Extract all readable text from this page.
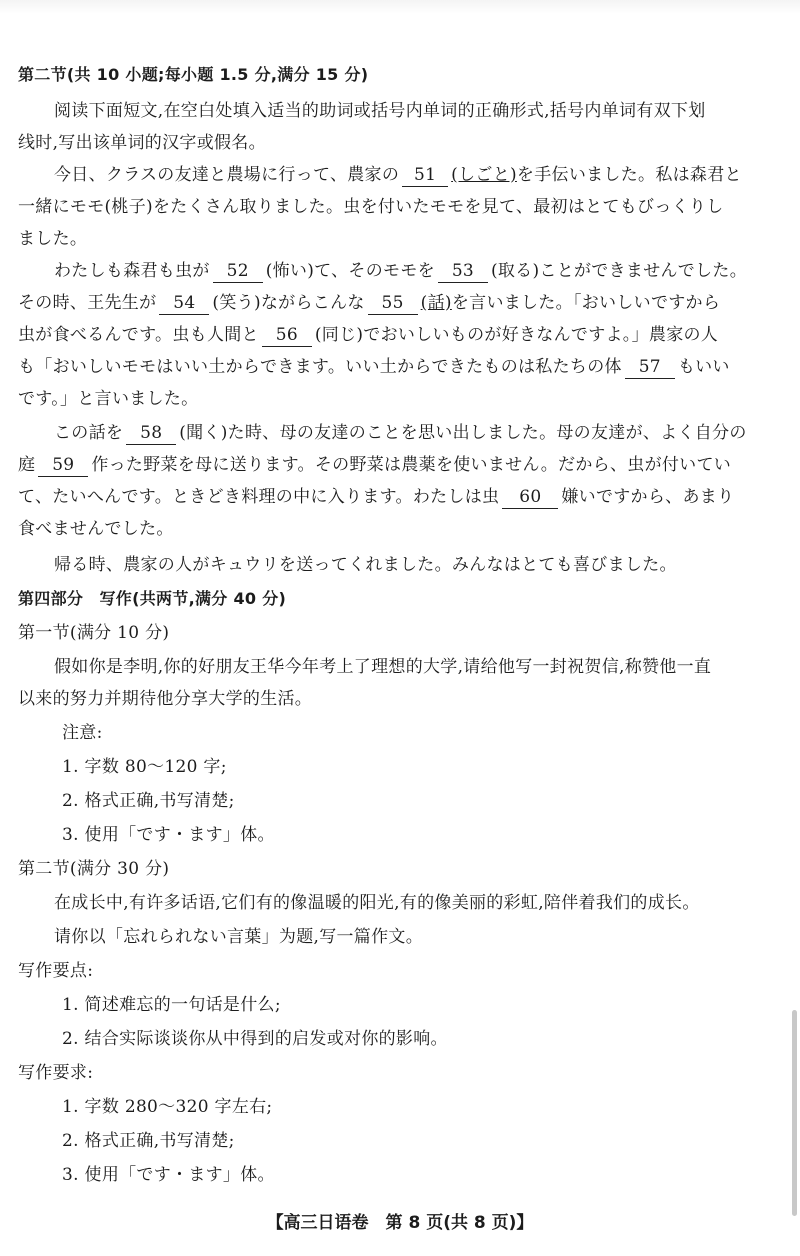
第二节(共 10 小题;每小题 1.5 分,满分 15 分)
阅读下面短文,在空白处填入适当的助词或括号内单词的正确形式,括号内单词有双下划
线时,写出该单词的汉字或假名。
今日、クラスの友達と農場に行って、農家の 51 (しごと)を手伝いました。私は森君と
一緒にモモ(桃子)をたくさん取りました。虫を付いたモモを見て、最初はとてもびっくりし
ました。
わたしも森君も虫が 52 (怖い)て、そのモモを 53 (取る)ことができませんでした。
その時、王先生が 54 (笑う)ながらこんな 55 (話)を言いました。「おいしいですから
虫が食べるんです。虫も人間と 56 (同じ)でおいしいものが好きなんですよ。」農家の人
も「おいしいモモはいい土からできます。いい土からできたものは私たちの体 57 もいい
です。」と言いました。
この話を 58 (聞く)た時、母の友達のことを思い出しました。母の友達が、よく自分の
庭 59 作った野菜を母に送ります。その野菜は農薬を使いません。だから、虫が付いてい
て、たいへんです。ときどき料理の中に入ります。わたしは虫 60 嫌いですから、あまり
食べませんでした。
帰る時、農家の人がキュウリを送ってくれました。みんなはとても喜びました。
第四部分　写作(共两节,满分 40 分)
第一节(满分 10 分)
假如你是李明,你的好朋友王华今年考上了理想的大学,请给他写一封祝贺信,称赞他一直
以来的努力并期待他分享大学的生活。
注意:
1. 字数 80～120 字;
2. 格式正确,书写清楚;
3. 使用「です・ます」体。
第二节(满分 30 分)
在成长中,有许多话语,它们有的像温暖的阳光,有的像美丽的彩虹,陪伴着我们的成长。
请你以「忘れられない言葉」为题,写一篇作文。
写作要点:
1. 简述难忘的一句话是什么;
2. 结合实际谈谈你从中得到的启发或对你的影响。
写作要求:
1. 字数 280～320 字左右;
2. 格式正确,书写清楚;
3. 使用「です・ます」体。
【高三日语卷　第 8 页(共 8 页)】
